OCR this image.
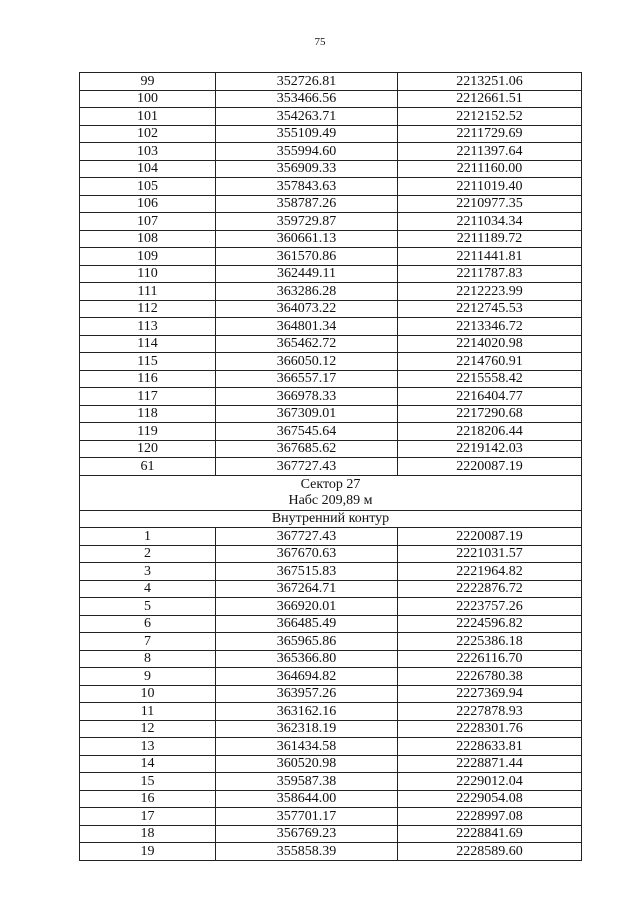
75
99	352726.81	2213251.06
100	353466.56	2212661.51
101	354263.71	2212152.52
102	355109.49	2211729.69
103	355994.60	2211397.64
104	356909.33	2211160.00
105	357843.63	2211019.40
106	358787.26	2210977.35
107	359729.87	2211034.34
108	360661.13	2211189.72
109	361570.86	2211441.81
110	362449.11	2211787.83
111	363286.28	2212223.99
112	364073.22	2212745.53
113	364801.34	2213346.72
114	365462.72	2214020.98
115	366050.12	2214760.91
116	366557.17	2215558.42
117	366978.33	2216404.77
118	367309.01	2217290.68
119	367545.64	2218206.44
120	367685.62	2219142.03
61	367727.43	2220087.19

Сектор 27
Набс 209,89 м		

Внутренний контур		
1	367727.43	2220087.19
2	367670.63	2221031.57
3	367515.83	2221964.82
4	367264.71	2222876.72
5	366920.01	2223757.26
6	366485.49	2224596.82
7	365965.86	2225386.18
8	365366.80	2226116.70
9	364694.82	2226780.38
10	363957.26	2227369.94
11	363162.16	2227878.93
12	362318.19	2228301.76
13	361434.58	2228633.81
14	360520.98	2228871.44
15	359587.38	2229012.04
16	358644.00	2229054.08
17	357701.17	2228997.08
18	356769.23	2228841.69
19	355858.39	2228589.60
